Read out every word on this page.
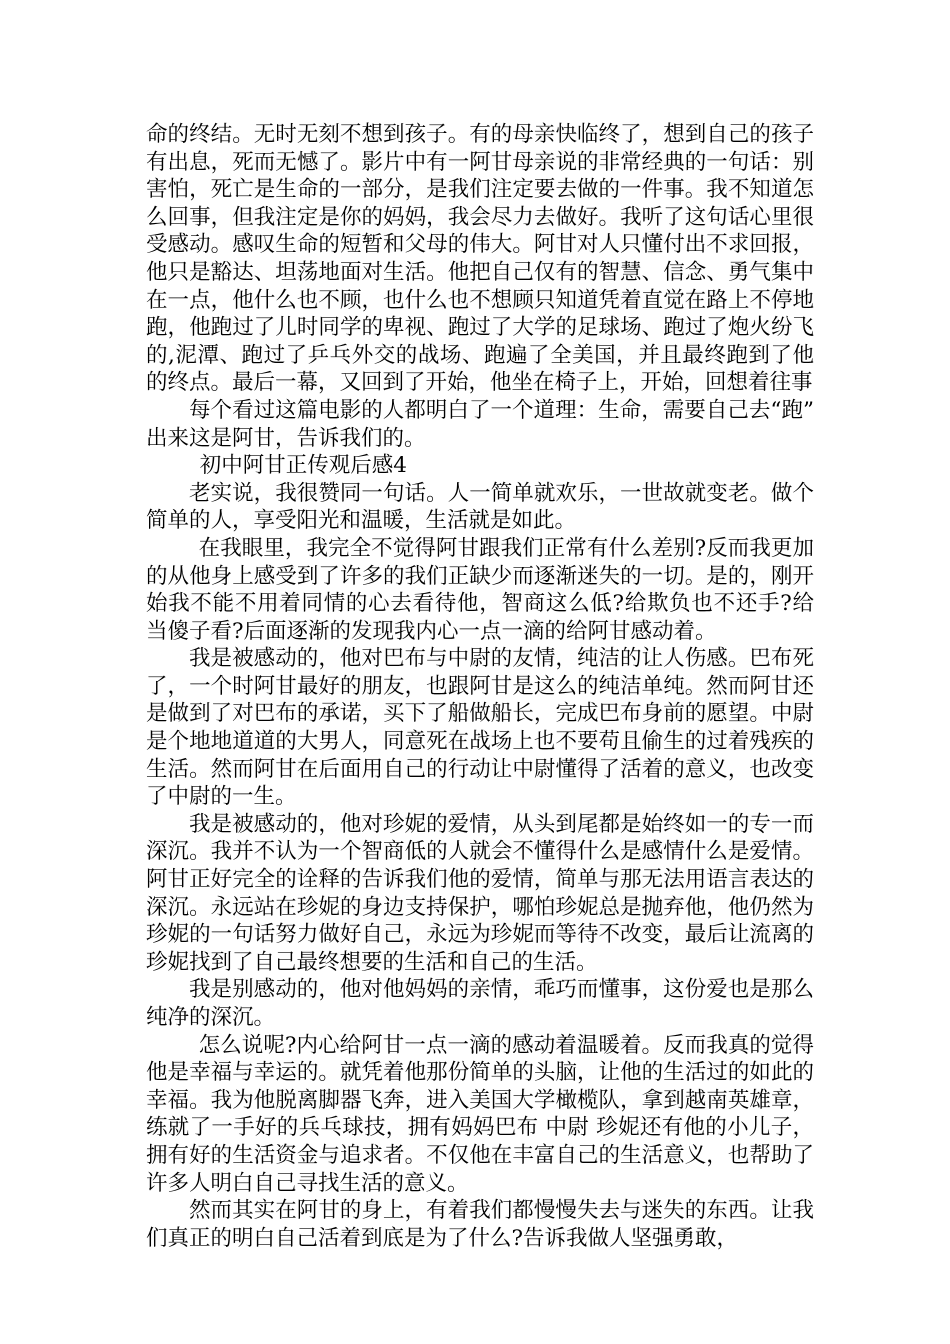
命的终结。无时无刻不想到孩子。有的母亲快临终了，想到自己的孩子有出息，死而无憾了。影片中有一阿甘母亲说的非常经典的一句话：别害怕，死亡是生命的一部分，是我们注定要去做的一件事。我不知道怎么回事，但我注定是你的妈妈，我会尽力去做好。我听了这句话心里很受感动。感叹生命的短暂和父母的伟大。阿甘对人只懂付出不求回报，他只是豁达、坦荡地面对生活。他把自己仅有的智慧、信念、勇气集中在一点，他什么也不顾，也什么也不想顾只知道凭着直觉在路上不停地跑，他跑过了儿时同学的卑视、跑过了大学的足球场、跑过了炮火纷飞的,泥潭、跑过了乒乓外交的战场、跑遍了全美国，并且最终跑到了他的终点。最后一幕，又回到了开始，他坐在椅子上，开始，回想着往事

每个看过这篇电影的人都明白了一个道理：生命，需要自己去“跑”出来这是阿甘，告诉我们的。

初中阿甘正传观后感4

老实说，我很赞同一句话。人一简单就欢乐，一世故就变老。做个简单的人，享受阳光和温暖，生活就是如此。

在我眼里，我完全不觉得阿甘跟我们正常有什么差别?反而我更加的从他身上感受到了许多的我们正缺少而逐渐迷失的一切。是的，刚开始我不能不用着同情的心去看待他，智商这么低?给欺负也不还手?给当傻子看?后面逐渐的发现我内心一点一滴的给阿甘感动着。

我是被感动的，他对巴布与中尉的友情，纯洁的让人伤感。巴布死了，一个时阿甘最好的朋友，也跟阿甘是这么的纯洁单纯。然而阿甘还是做到了对巴布的承诺，买下了船做船长，完成巴布身前的愿望。中尉是个地地道道的大男人，同意死在战场上也不要苟且偷生的过着残疾的生活。然而阿甘在后面用自己的行动让中尉懂得了活着的意义，也改变了中尉的一生。

我是被感动的，他对珍妮的爱情，从头到尾都是始终如一的专一而深沉。我并不认为一个智商低的人就会不懂得什么是感情什么是爱情。阿甘正好完全的诠释的告诉我们他的爱情，简单与那无法用语言表达的深沉。永远站在珍妮的身边支持保护，哪怕珍妮总是抛弃他，他仍然为珍妮的一句话努力做好自己，永远为珍妮而等待不改变，最后让流离的珍妮找到了自己最终想要的生活和自己的生活。

我是别感动的，他对他妈妈的亲情，乖巧而懂事，这份爱也是那么纯净的深沉。

怎么说呢?内心给阿甘一点一滴的感动着温暖着。反而我真的觉得他是幸福与幸运的。就凭着他那份简单的头脑，让他的生活过的如此的幸福。我为他脱离脚器飞奔，进入美国大学橄榄队，拿到越南英雄章，练就了一手好的兵乓球技，拥有妈妈巴布 中尉 珍妮还有他的小儿子，拥有好的生活资金与追求者。不仅他在丰富自己的生活意义，也帮助了许多人明白自己寻找生活的意义。

然而其实在阿甘的身上，有着我们都慢慢失去与迷失的东西。让我们真正的明白自己活着到底是为了什么?告诉我做人坚强勇敢，
